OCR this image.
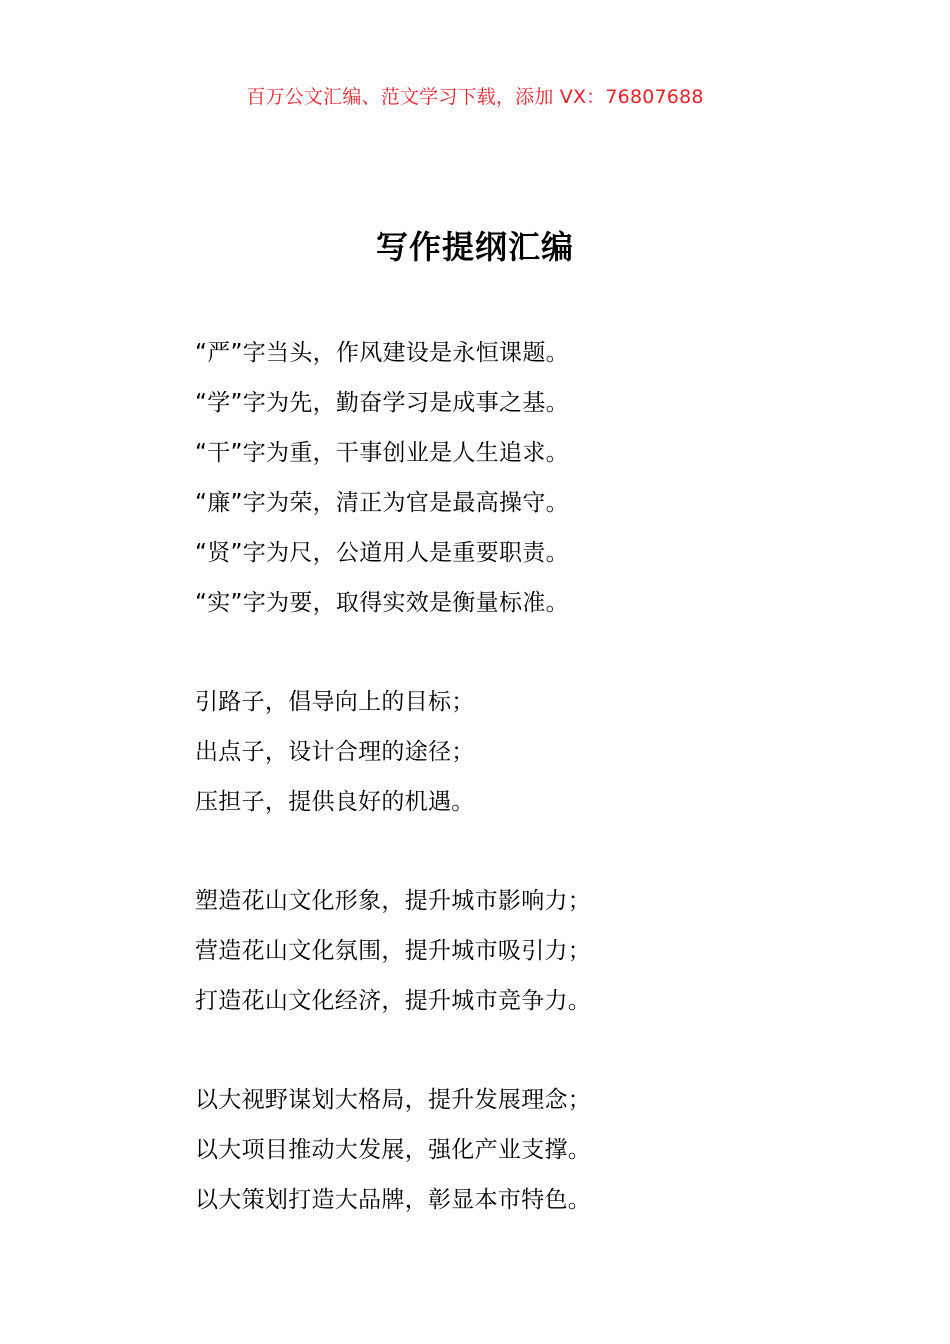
百万公文汇编、范文学习下载，添加 VX：76807688
写作提纲汇编
“严”字当头，作风建设是永恒课题。
“学”字为先，勤奋学习是成事之基。
“干”字为重，干事创业是人生追求。
“廉”字为荣，清正为官是最高操守。
“贤”字为尺，公道用人是重要职责。
“实”字为要，取得实效是衡量标准。
引路子，倡导向上的目标；
出点子，设计合理的途径；
压担子，提供良好的机遇。
塑造花山文化形象，提升城市影响力；
营造花山文化氛围，提升城市吸引力；
打造花山文化经济，提升城市竞争力。
以大视野谋划大格局，提升发展理念；
以大项目推动大发展，强化产业支撑。
以大策划打造大品牌，彰显本市特色。
